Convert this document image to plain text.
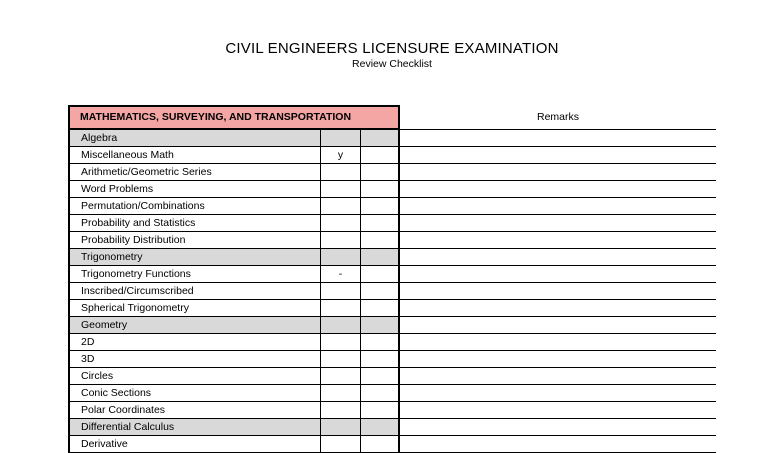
CIVIL ENGINEERS LICENSURE EXAMINATION
Review Checklist
MATHEMATICS, SURVEYING, AND TRANSPORTATION	Remarks
Algebra
Miscellaneous Math	y
Arithmetic/Geometric Series
Word Problems
Permutation/Combinations
Probability and Statistics
Probability Distribution
Trigonometry
Trigonometry Functions	-
Inscribed/Circumscribed
Spherical Trigonometry
Geometry
2D
3D
Circles
Conic Sections
Polar Coordinates
Differential Calculus
Derivative
